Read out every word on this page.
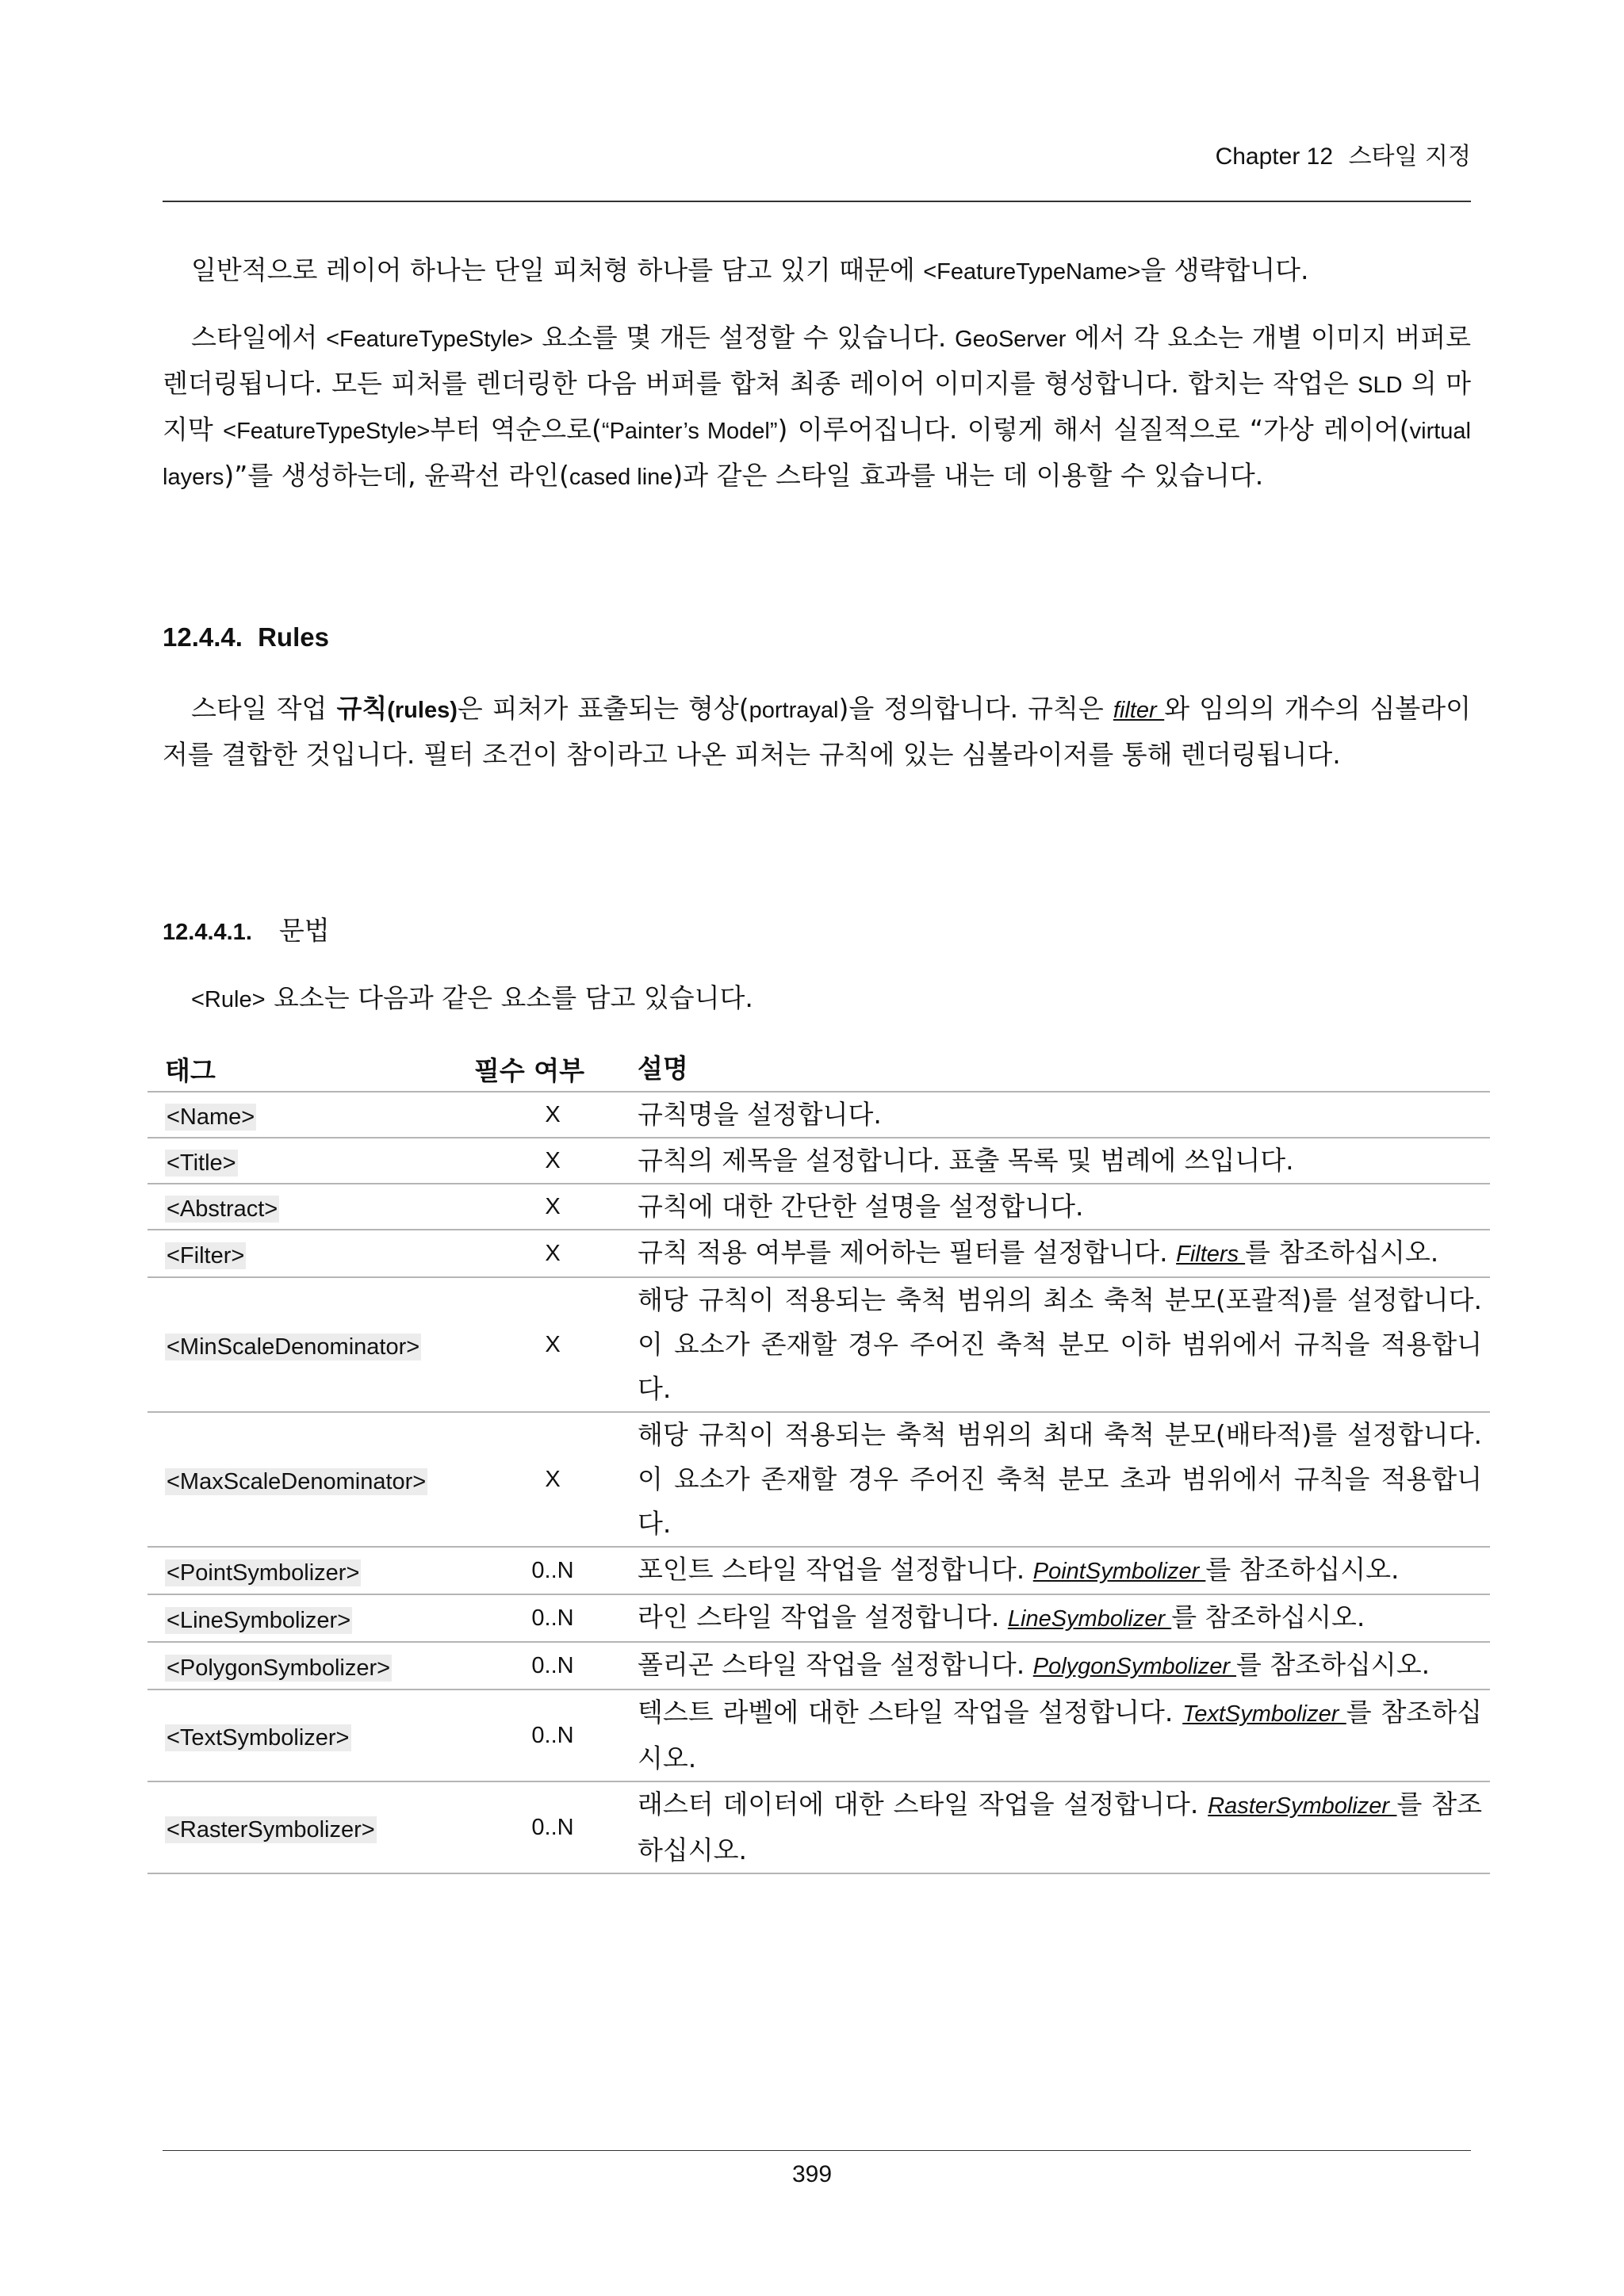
Chapter 12 스타일 지정
일반적으로 레이어 하나는 단일 피처형 하나를 담고 있기 때문에 <FeatureTypeName>을 생략합니다.
스타일에서 <FeatureTypeStyle> 요소를 몇 개든 설정할 수 있습니다. GeoServer 에서 각 요소는 개별 이미지 버퍼로 렌더링됩니다. 모든 피처를 렌더링한 다음 버퍼를 합쳐 최종 레이어 이미지를 형성합니다. 합치는 작업은 SLD 의 마지막 <FeatureTypeStyle>부터 역순으로(“Painter’s Model”) 이루어집니다. 이렇게 해서 실질적으로 “가상 레이어(virtual layers)”를 생성하는데, 윤곽선 라인(cased line)과 같은 스타일 효과를 내는 데 이용할 수 있습니다.
12.4.4. Rules
스타일 작업 규칙(rules)은 피처가 표출되는 형상(portrayal)을 정의합니다. 규칙은 filter 와 임의의 개수의 심볼라이저를 결합한 것입니다. 필터 조건이 참이라고 나온 피처는 규칙에 있는 심볼라이저를 통해 렌더링됩니다.
12.4.4.1. 문법
<Rule> 요소는 다음과 같은 요소를 담고 있습니다.
태그	필수 여부	설명
<Name>	X	규칙명을 설정합니다.
<Title>	X	규칙의 제목을 설정합니다. 표출 목록 및 범례에 쓰입니다.
<Abstract>	X	규칙에 대한 간단한 설명을 설정합니다.
<Filter>	X	규칙 적용 여부를 제어하는 필터를 설정합니다. Filters 를 참조하십시오.
<MinScaleDenominator>	X	해당 규칙이 적용되는 축척 범위의 최소 축척 분모(포괄적)를 설정합니다. 이 요소가 존재할 경우 주어진 축척 분모 이하 범위에서 규칙을 적용합니다.
<MaxScaleDenominator>	X	해당 규칙이 적용되는 축척 범위의 최대 축척 분모(배타적)를 설정합니다. 이 요소가 존재할 경우 주어진 축척 분모 초과 범위에서 규칙을 적용합니다.
<PointSymbolizer>	0..N	포인트 스타일 작업을 설정합니다. PointSymbolizer 를 참조하십시오.
<LineSymbolizer>	0..N	라인 스타일 작업을 설정합니다. LineSymbolizer 를 참조하십시오.
<PolygonSymbolizer>	0..N	폴리곤 스타일 작업을 설정합니다. PolygonSymbolizer 를 참조하십시오.
<TextSymbolizer>	0..N	텍스트 라벨에 대한 스타일 작업을 설정합니다. TextSymbolizer 를 참조하십시오.
<RasterSymbolizer>	0..N	래스터 데이터에 대한 스타일 작업을 설정합니다. RasterSymbolizer 를 참조하십시오.
399
